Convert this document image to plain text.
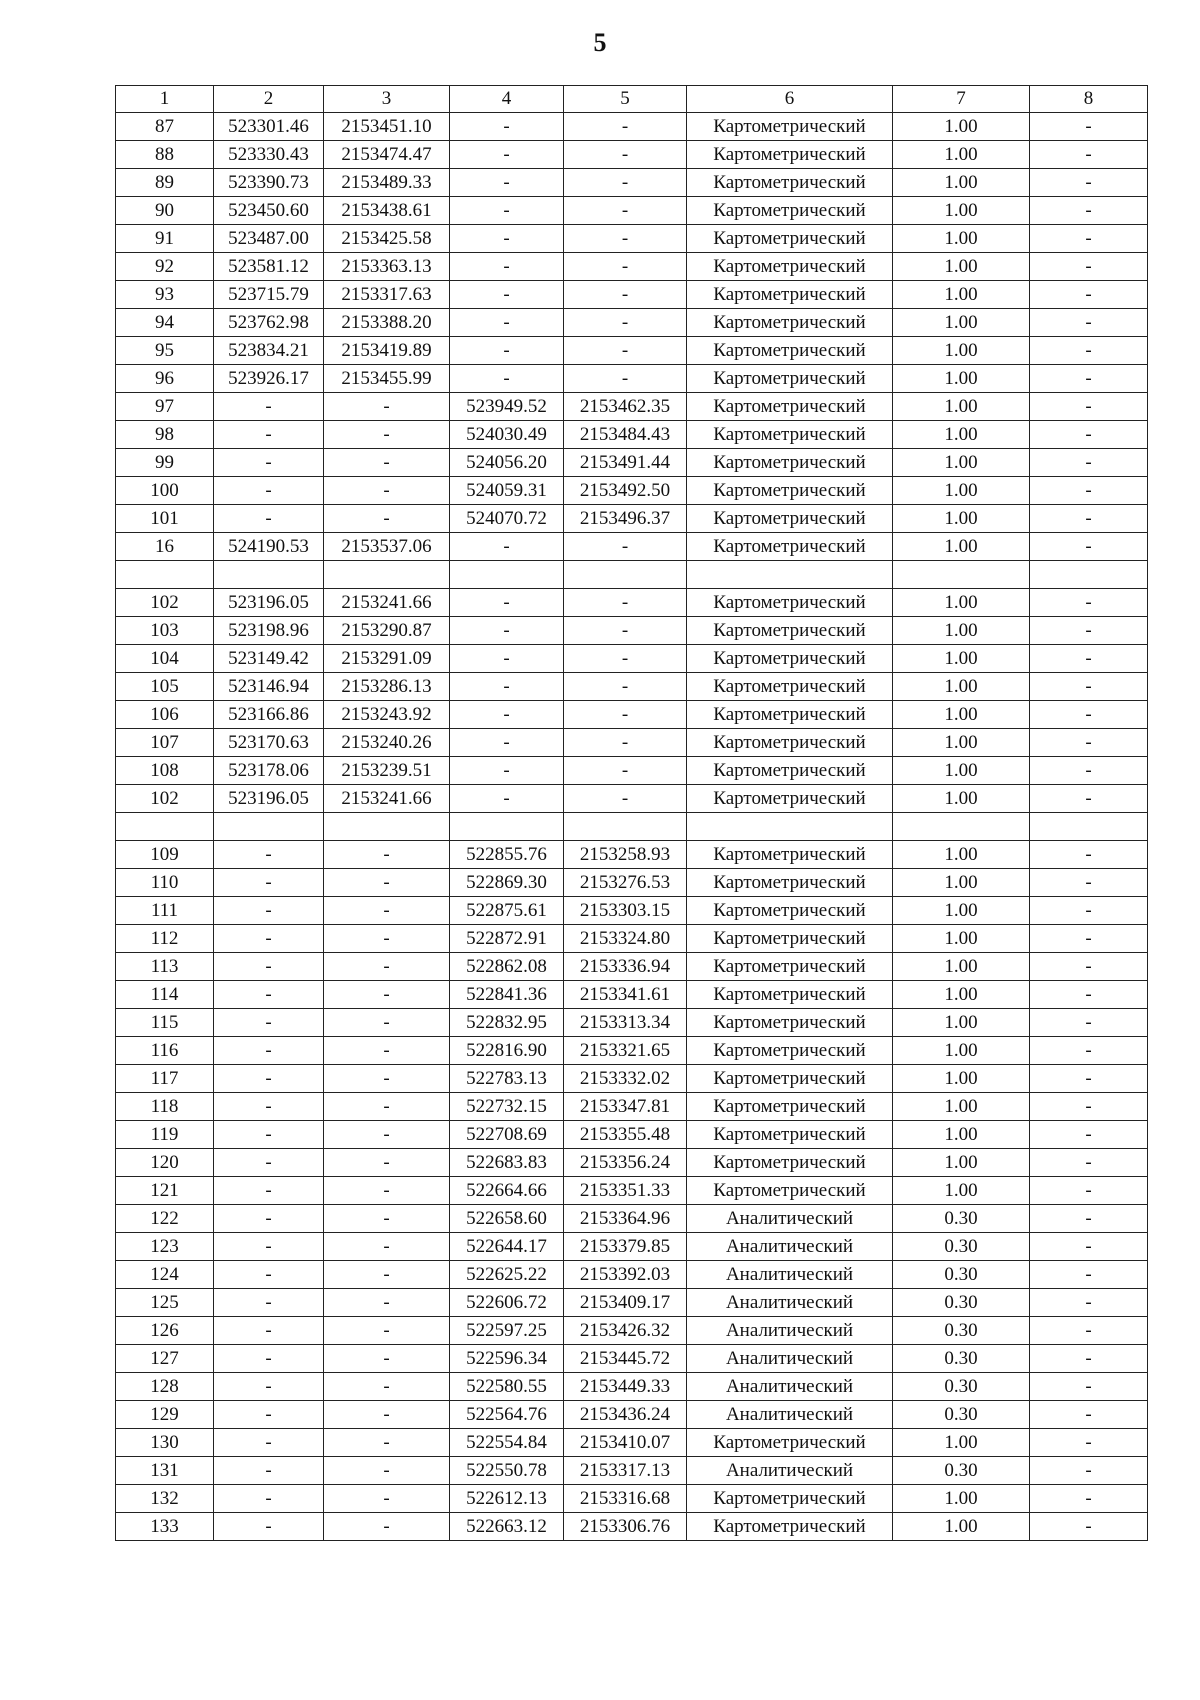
5
1	2	3	4	5	6	7	8
87	523301.46	2153451.10	-	-	Картометрический	1.00	-
88	523330.43	2153474.47	-	-	Картометрический	1.00	-
89	523390.73	2153489.33	-	-	Картометрический	1.00	-
90	523450.60	2153438.61	-	-	Картометрический	1.00	-
91	523487.00	2153425.58	-	-	Картометрический	1.00	-
92	523581.12	2153363.13	-	-	Картометрический	1.00	-
93	523715.79	2153317.63	-	-	Картометрический	1.00	-
94	523762.98	2153388.20	-	-	Картометрический	1.00	-
95	523834.21	2153419.89	-	-	Картометрический	1.00	-
96	523926.17	2153455.99	-	-	Картометрический	1.00	-
97	-	-	523949.52	2153462.35	Картометрический	1.00	-
98	-	-	524030.49	2153484.43	Картометрический	1.00	-
99	-	-	524056.20	2153491.44	Картометрический	1.00	-
100	-	-	524059.31	2153492.50	Картометрический	1.00	-
101	-	-	524070.72	2153496.37	Картометрический	1.00	-
16	524190.53	2153537.06	-	-	Картометрический	1.00	-

102	523196.05	2153241.66	-	-	Картометрический	1.00	-
103	523198.96	2153290.87	-	-	Картометрический	1.00	-
104	523149.42	2153291.09	-	-	Картометрический	1.00	-
105	523146.94	2153286.13	-	-	Картометрический	1.00	-
106	523166.86	2153243.92	-	-	Картометрический	1.00	-
107	523170.63	2153240.26	-	-	Картометрический	1.00	-
108	523178.06	2153239.51	-	-	Картометрический	1.00	-
102	523196.05	2153241.66	-	-	Картометрический	1.00	-

109	-	-	522855.76	2153258.93	Картометрический	1.00	-
110	-	-	522869.30	2153276.53	Картометрический	1.00	-
111	-	-	522875.61	2153303.15	Картометрический	1.00	-
112	-	-	522872.91	2153324.80	Картометрический	1.00	-
113	-	-	522862.08	2153336.94	Картометрический	1.00	-
114	-	-	522841.36	2153341.61	Картометрический	1.00	-
115	-	-	522832.95	2153313.34	Картометрический	1.00	-
116	-	-	522816.90	2153321.65	Картометрический	1.00	-
117	-	-	522783.13	2153332.02	Картометрический	1.00	-
118	-	-	522732.15	2153347.81	Картометрический	1.00	-
119	-	-	522708.69	2153355.48	Картометрический	1.00	-
120	-	-	522683.83	2153356.24	Картометрический	1.00	-
121	-	-	522664.66	2153351.33	Картометрический	1.00	-
122	-	-	522658.60	2153364.96	Аналитический	0.30	-
123	-	-	522644.17	2153379.85	Аналитический	0.30	-
124	-	-	522625.22	2153392.03	Аналитический	0.30	-
125	-	-	522606.72	2153409.17	Аналитический	0.30	-
126	-	-	522597.25	2153426.32	Аналитический	0.30	-
127	-	-	522596.34	2153445.72	Аналитический	0.30	-
128	-	-	522580.55	2153449.33	Аналитический	0.30	-
129	-	-	522564.76	2153436.24	Аналитический	0.30	-
130	-	-	522554.84	2153410.07	Картометрический	1.00	-
131	-	-	522550.78	2153317.13	Аналитический	0.30	-
132	-	-	522612.13	2153316.68	Картометрический	1.00	-
133	-	-	522663.12	2153306.76	Картометрический	1.00	-
